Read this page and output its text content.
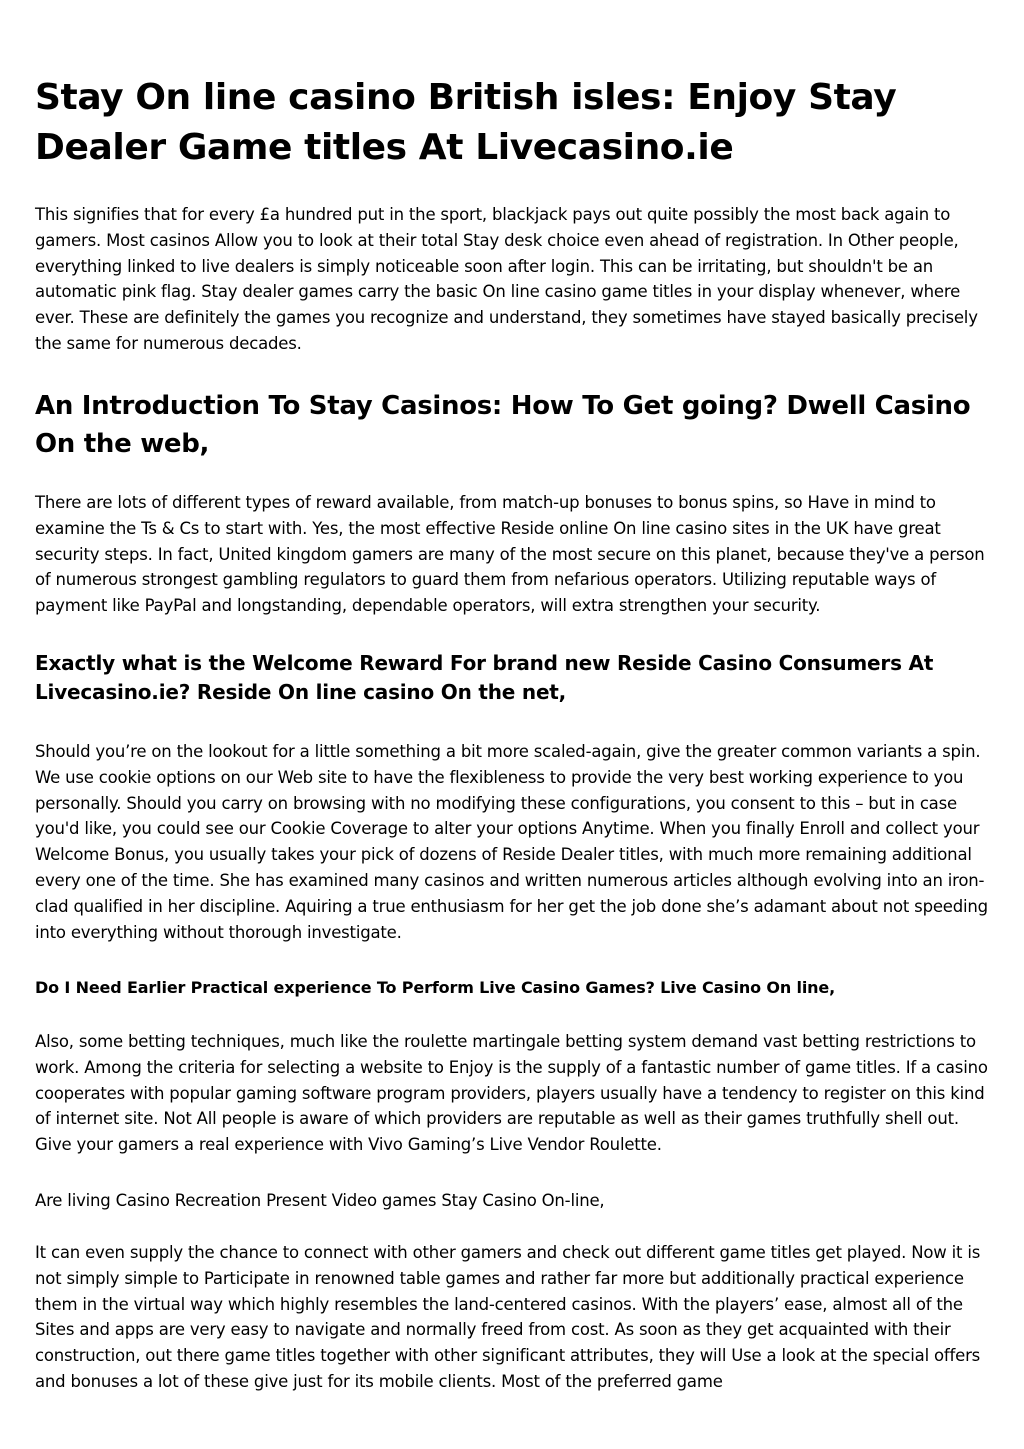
Stay On line casino British isles: Enjoy Stay Dealer Game titles At Livecasino.ie

This signifies that for every £a hundred put in the sport, blackjack pays out quite possibly the most back again to gamers. Most casinos Allow you to look at their total Stay desk choice even ahead of registration. In Other people, everything linked to live dealers is simply noticeable soon after login. This can be irritating, but shouldn't be an automatic pink flag. Stay dealer games carry the basic On line casino game titles in your display whenever, where ever. These are definitely the games you recognize and understand, they sometimes have stayed basically precisely the same for numerous decades.

An Introduction To Stay Casinos: How To Get going? Dwell Casino On the web,

There are lots of different types of reward available, from match-up bonuses to bonus spins, so Have in mind to examine the Ts & Cs to start with. Yes, the most effective Reside online On line casino sites in the UK have great security steps. In fact, United kingdom gamers are many of the most secure on this planet, because they've a person of numerous strongest gambling regulators to guard them from nefarious operators. Utilizing reputable ways of payment like PayPal and longstanding, dependable operators, will extra strengthen your security.

Exactly what is the Welcome Reward For brand new Reside Casino Consumers At Livecasino.ie? Reside On line casino On the net,

Should you’re on the lookout for a little something a bit more scaled-again, give the greater common variants a spin. We use cookie options on our Web site to have the flexibleness to provide the very best working experience to you personally. Should you carry on browsing with no modifying these configurations, you consent to this – but in case you'd like, you could see our Cookie Coverage to alter your options Anytime. When you finally Enroll and collect your Welcome Bonus, you usually takes your pick of dozens of Reside Dealer titles, with much more remaining additional every one of the time. She has examined many casinos and written numerous articles although evolving into an iron-clad qualified in her discipline. Aquiring a true enthusiasm for her get the job done she’s adamant about not speeding into everything without thorough investigate.

Do I Need Earlier Practical experience To Perform Live Casino Games? Live Casino On line,

Also, some betting techniques, much like the roulette martingale betting system demand vast betting restrictions to work. Among the criteria for selecting a website to Enjoy is the supply of a fantastic number of game titles. If a casino cooperates with popular gaming software program providers, players usually have a tendency to register on this kind of internet site. Not All people is aware of which providers are reputable as well as their games truthfully shell out. Give your gamers a real experience with Vivo Gaming’s Live Vendor Roulette.

Are living Casino Recreation Present Video games Stay Casino On-line,

It can even supply the chance to connect with other gamers and check out different game titles get played. Now it is not simply simple to Participate in renowned table games and rather far more but additionally practical experience them in the virtual way which highly resembles the land-centered casinos. With the players’ ease, almost all of the Sites and apps are very easy to navigate and normally freed from cost. As soon as they get acquainted with their construction, out there game titles together with other significant attributes, they will Use a look at the special offers and bonuses a lot of these give just for its mobile clients. Most of the preferred game
